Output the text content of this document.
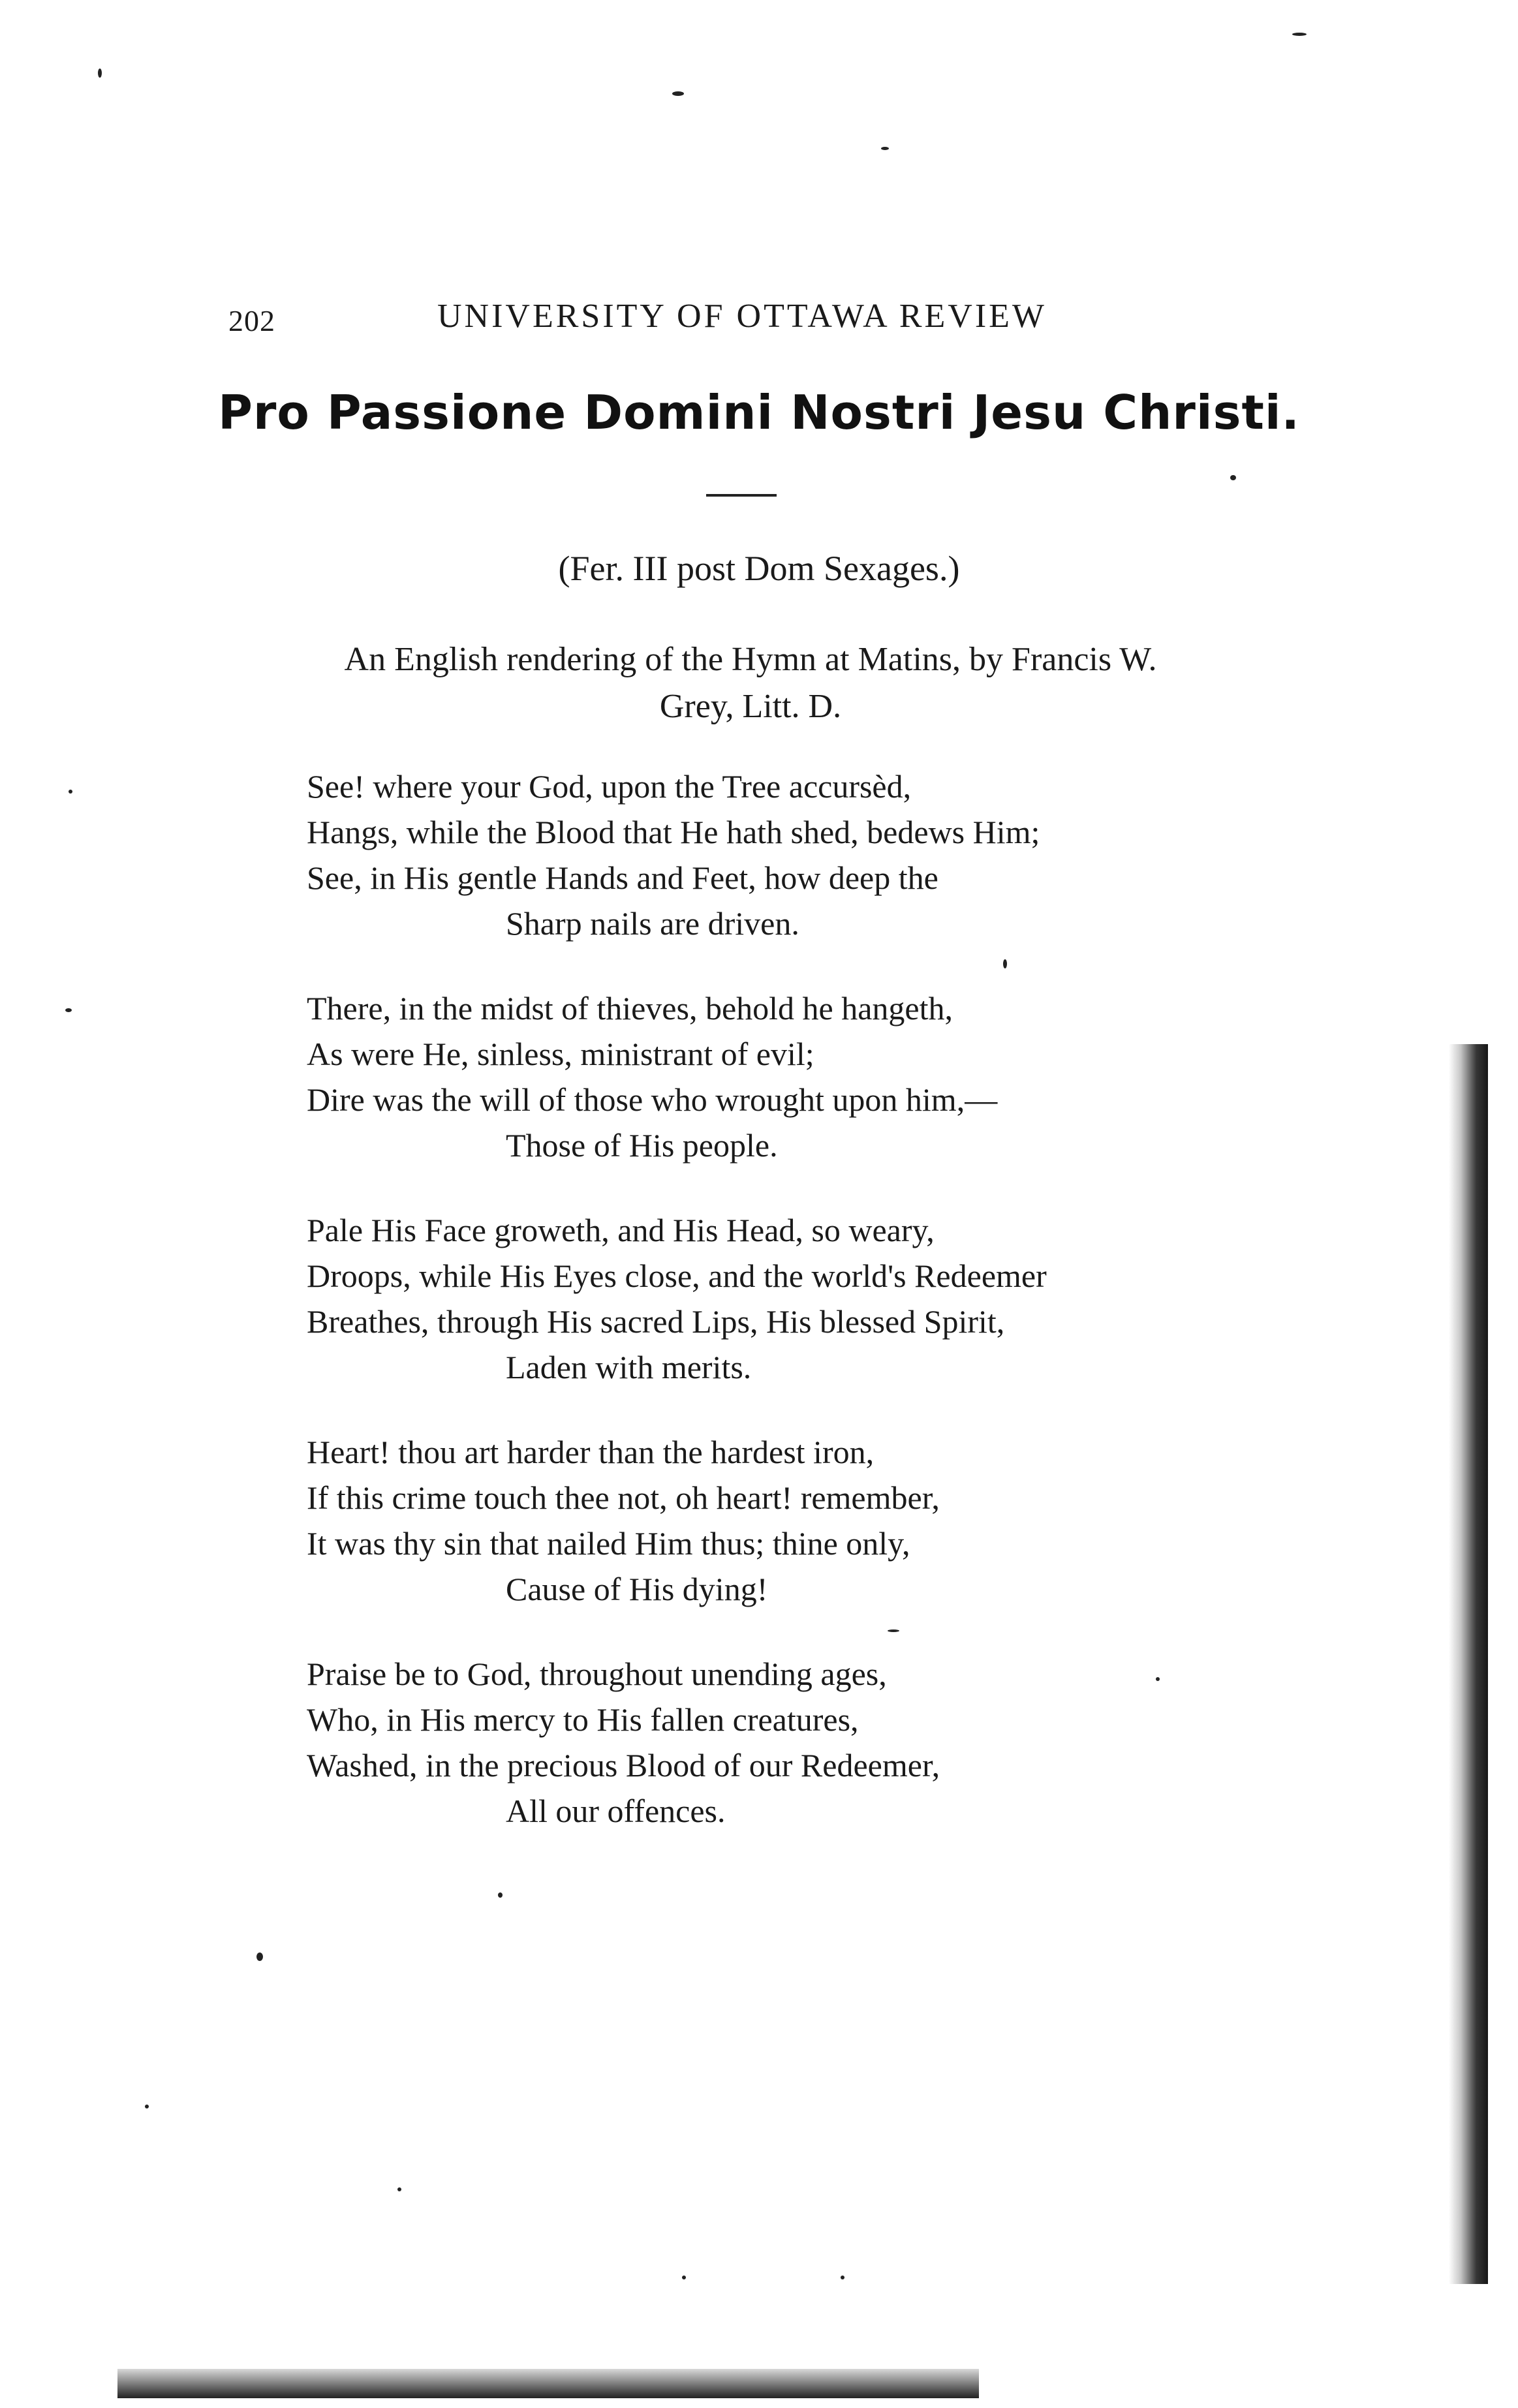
202	UNIVERSITY OF OTTAWA REVIEW
Pro Passione Domini Nostri Jesu Christi.
(Fer. III post Dom Sexages.)
An English rendering of the Hymn at Matins, by Francis W.
Grey, Litt. D.
See! where your God, upon the Tree accursèd,
Hangs, while the Blood that He hath shed, bedews Him;
See, in His gentle Hands and Feet, how deep the
Sharp nails are driven.
There, in the midst of thieves, behold he hangeth,
As were He, sinless, ministrant of evil;
Dire was the will of those who wrought upon him,—
Those of His people.
Pale His Face groweth, and His Head, so weary,
Droops, while His Eyes close, and the world's Redeemer
Breathes, through His sacred Lips, His blessed Spirit,
Laden with merits.
Heart! thou art harder than the hardest iron,
If this crime touch thee not, oh heart! remember,
It was thy sin that nailed Him thus; thine only,
Cause of His dying!
Praise be to God, throughout unending ages,
Who, in His mercy to His fallen creatures,
Washed, in the precious Blood of our Redeemer,
All our offences.
